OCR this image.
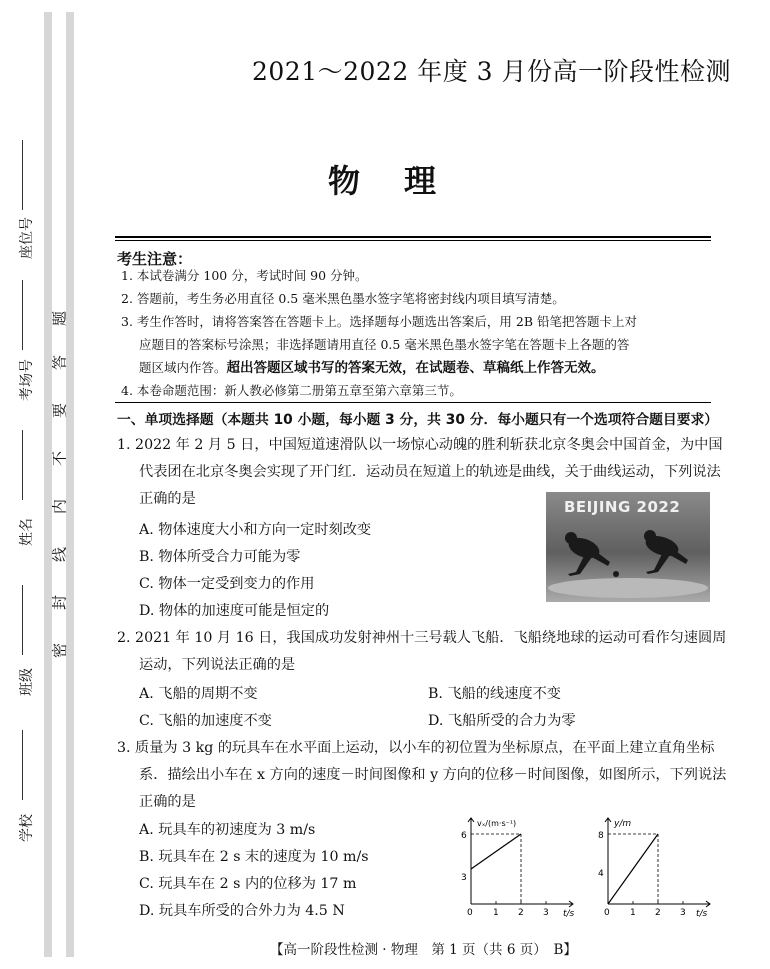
题
答
要
不
内
线
封
密
座位号
考场号
姓名
班级
学校
2021～2022 年度 3 月份高一阶段性检测
物理
考生注意：
1. 本试卷满分 100 分，考试时间 90 分钟。
2. 答题前，考生务必用直径 0.5 毫米黑色墨水签字笔将密封线内项目填写清楚。
3. 考生作答时，请将答案答在答题卡上。选择题每小题选出答案后，用 2B 铅笔把答题卡上对
应题目的答案标号涂黑；非选择题请用直径 0.5 毫米黑色墨水签字笔在答题卡上各题的答
题区域内作答。超出答题区域书写的答案无效，在试题卷、草稿纸上作答无效。
4. 本卷命题范围：新人教必修第二册第五章至第六章第三节。
一、单项选择题（本题共 10 小题，每小题 3 分，共 30 分．每小题只有一个选项符合题目要求）
1. 2022 年 2 月 5 日，中国短道速滑队以一场惊心动魄的胜利斩获北京冬奥会中国首金，为中国
代表团在北京冬奥会实现了开门红．运动员在短道上的轨迹是曲线，关于曲线运动，下列说法
正确的是
A. 物体速度大小和方向一定时刻改变
B. 物体所受合力可能为零
C. 物体一定受到变力的作用
D. 物体的加速度可能是恒定的
BEIJING 2022
2. 2021 年 10 月 16 日，我国成功发射神州十三号载人飞船．飞船绕地球的运动可看作匀速圆周
运动，下列说法正确的是
A. 飞船的周期不变	B. 飞船的线速度不变
C. 飞船的加速度不变	D. 飞船所受的合力为零
3. 质量为 3 kg 的玩具车在水平面上运动，以小车的初位置为坐标原点，在平面上建立直角坐标
系．描绘出小车在 x 方向的速度－时间图像和 y 方向的位移－时间图像，如图所示，下列说法
正确的是
A. 玩具车的初速度为 3 m/s
B. 玩具车在 2 s 末的速度为 10 m/s
C. 玩具车在 2 s 内的位移为 17 m
D. 玩具车所受的合外力为 4.5 N
vₓ/(m·s⁻¹)
t/s
3
6
0 1 2 3
y/m
t/s
4
8
0 1 2 3
【高一阶段性检测 · 物理　第 1 页（共 6 页）　B】
